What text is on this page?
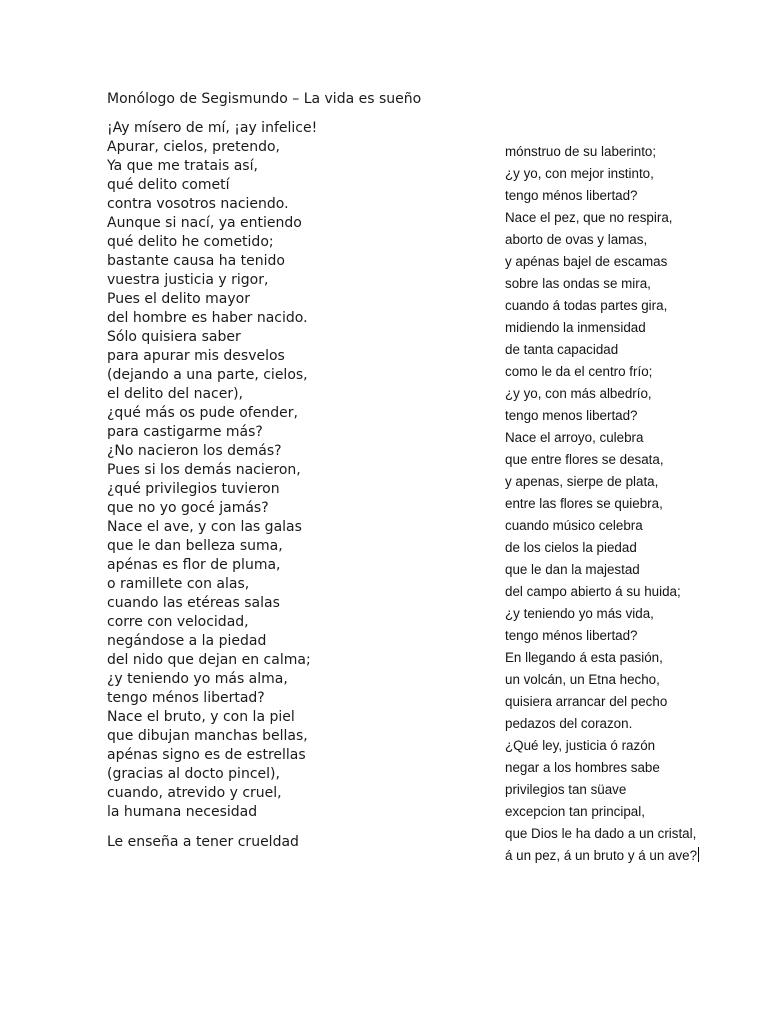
Monólogo de Segismundo – La vida es sueño
¡Ay mísero de mí, ¡ay infelice!
Apurar, cielos, pretendo,
Ya que me tratais así,
qué delito cometí
contra vosotros naciendo.
Aunque si nací, ya entiendo
qué delito he cometido;
bastante causa ha tenido
vuestra justicia y rigor,
Pues el delito mayor
del hombre es haber nacido.
Sólo quisiera saber
para apurar mis desvelos
(dejando a una parte, cielos,
el delito del nacer),
¿qué más os pude ofender,
para castigarme más?
¿No nacieron los demás?
Pues si los demás nacieron,
¿qué privilegios tuvieron
que no yo gocé jamás?
Nace el ave, y con las galas
que le dan belleza suma,
apénas es flor de pluma,
o ramillete con alas,
cuando las etéreas salas
corre con velocidad,
negándose a la piedad
del nido que dejan en calma;
¿y teniendo yo más alma,
tengo ménos libertad?
Nace el bruto, y con la piel
que dibujan manchas bellas,
apénas signo es de estrellas
(gracias al docto pincel),
cuando, atrevido y cruel,
la humana necesidad
Le enseña a tener crueldad
mónstruo de su laberinto;
¿y yo, con mejor instinto,
tengo ménos libertad?
Nace el pez, que no respira,
aborto de ovas y lamas,
y apénas bajel de escamas
sobre las ondas se mira,
cuando á todas partes gira,
midiendo la inmensidad
de tanta capacidad
como le da el centro frío;
¿y yo, con más albedrío,
tengo menos libertad?
Nace el arroyo, culebra
que entre flores se desata,
y apenas, sierpe de plata,
entre las flores se quiebra,
cuando músico celebra
de los cielos la piedad
que le dan la majestad
del campo abierto á su huida;
¿y teniendo yo más vida,
tengo ménos libertad?
En llegando á esta pasión,
un volcán, un Etna hecho,
quisiera arrancar del pecho
pedazos del corazon.
¿Qué ley, justicia ó razón
negar a los hombres sabe
privilegios tan süave
excepcion tan principal,
que Dios le ha dado a un cristal,
á un pez, á un bruto y á un ave?
